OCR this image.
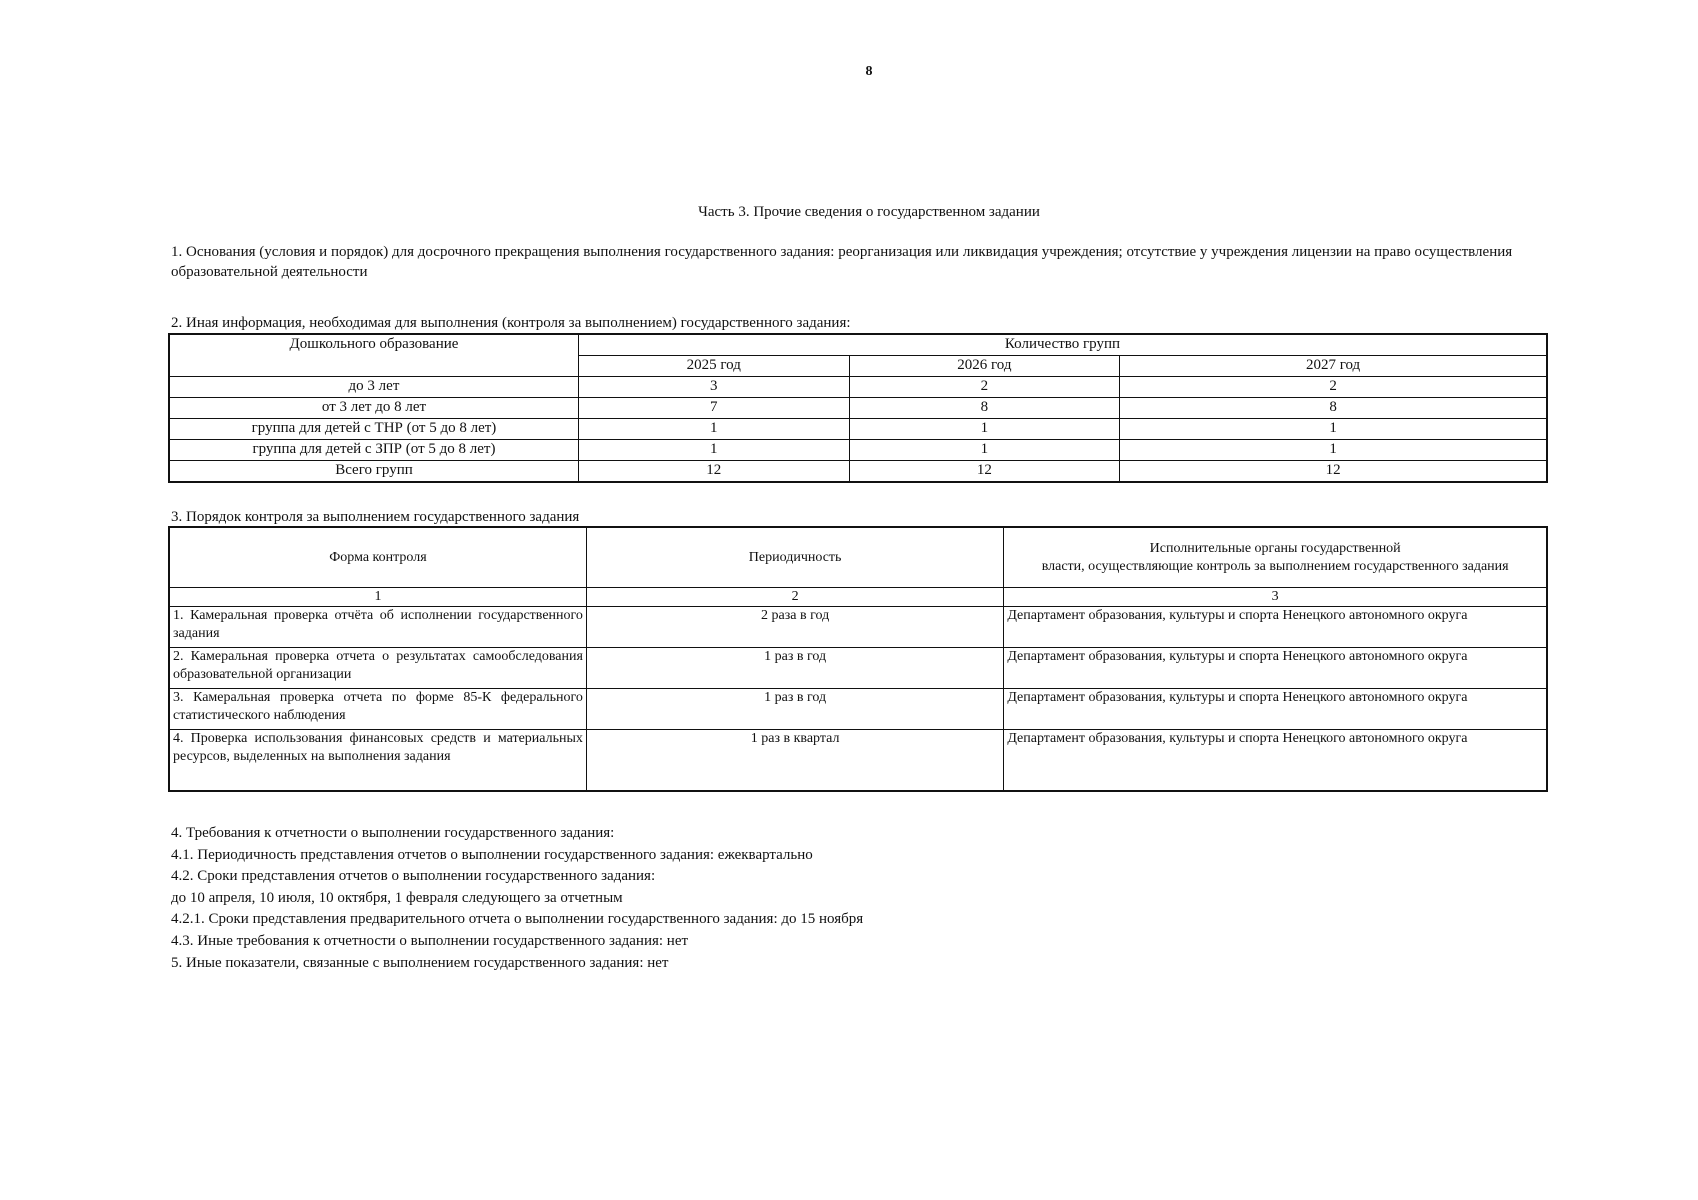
8
Часть 3. Прочие сведения о государственном задании
1. Основания (условия и порядок) для досрочного прекращения выполнения государственного задания: реорганизация или ликвидация учреждения; отсутствие у учреждения лицензии на право осуществления образовательной деятельности
2. Иная информация, необходимая для выполнения (контроля за выполнением) государственного задания:
Дошкольного образование	Количество групп		
	2025 год	2026 год	2027 год
до 3 лет	3	2	2
от 3 лет до 8 лет	7	8	8
группа для детей с ТНР (от 5 до 8 лет)	1	1	1
группа для детей с ЗПР (от 5 до 8 лет)	1	1	1
Всего групп	12	12	12
3. Порядок контроля за выполнением государственного задания
Форма контроля	Периодичность	Исполнительные органы государственной
власти, осуществляющие контроль за выполнением государственного задания

1	2	3
1. Камеральная проверка отчёта об исполнении государственного задания	2 раза в год	Департамент образования, культуры и спорта Ненецкого автономного округа
2. Камеральная проверка отчета о результатах самообследования образовательной организации	1 раз в год	Департамент образования, культуры и спорта Ненецкого автономного округа
3. Камеральная проверка отчета по форме 85-К федерального статистического наблюдения	1 раз в год	Департамент образования, культуры и спорта Ненецкого автономного округа
4. Проверка использования финансовых средств и материальных ресурсов, выделенных на выполнения задания	1 раз в квартал	Департамент образования, культуры и спорта Ненецкого автономного округа
4. Требования к отчетности о выполнении государственного задания:
4.1. Периодичность представления отчетов о выполнении государственного задания: ежеквартально
4.2. Сроки представления отчетов о выполнении государственного задания:
до 10 апреля, 10 июля, 10 октября, 1 февраля следующего за отчетным
4.2.1. Сроки представления предварительного отчета о выполнении государственного задания: до 15 ноября
4.3. Иные требования к отчетности о выполнении государственного задания: нет
5. Иные показатели, связанные с выполнением государственного задания: нет
